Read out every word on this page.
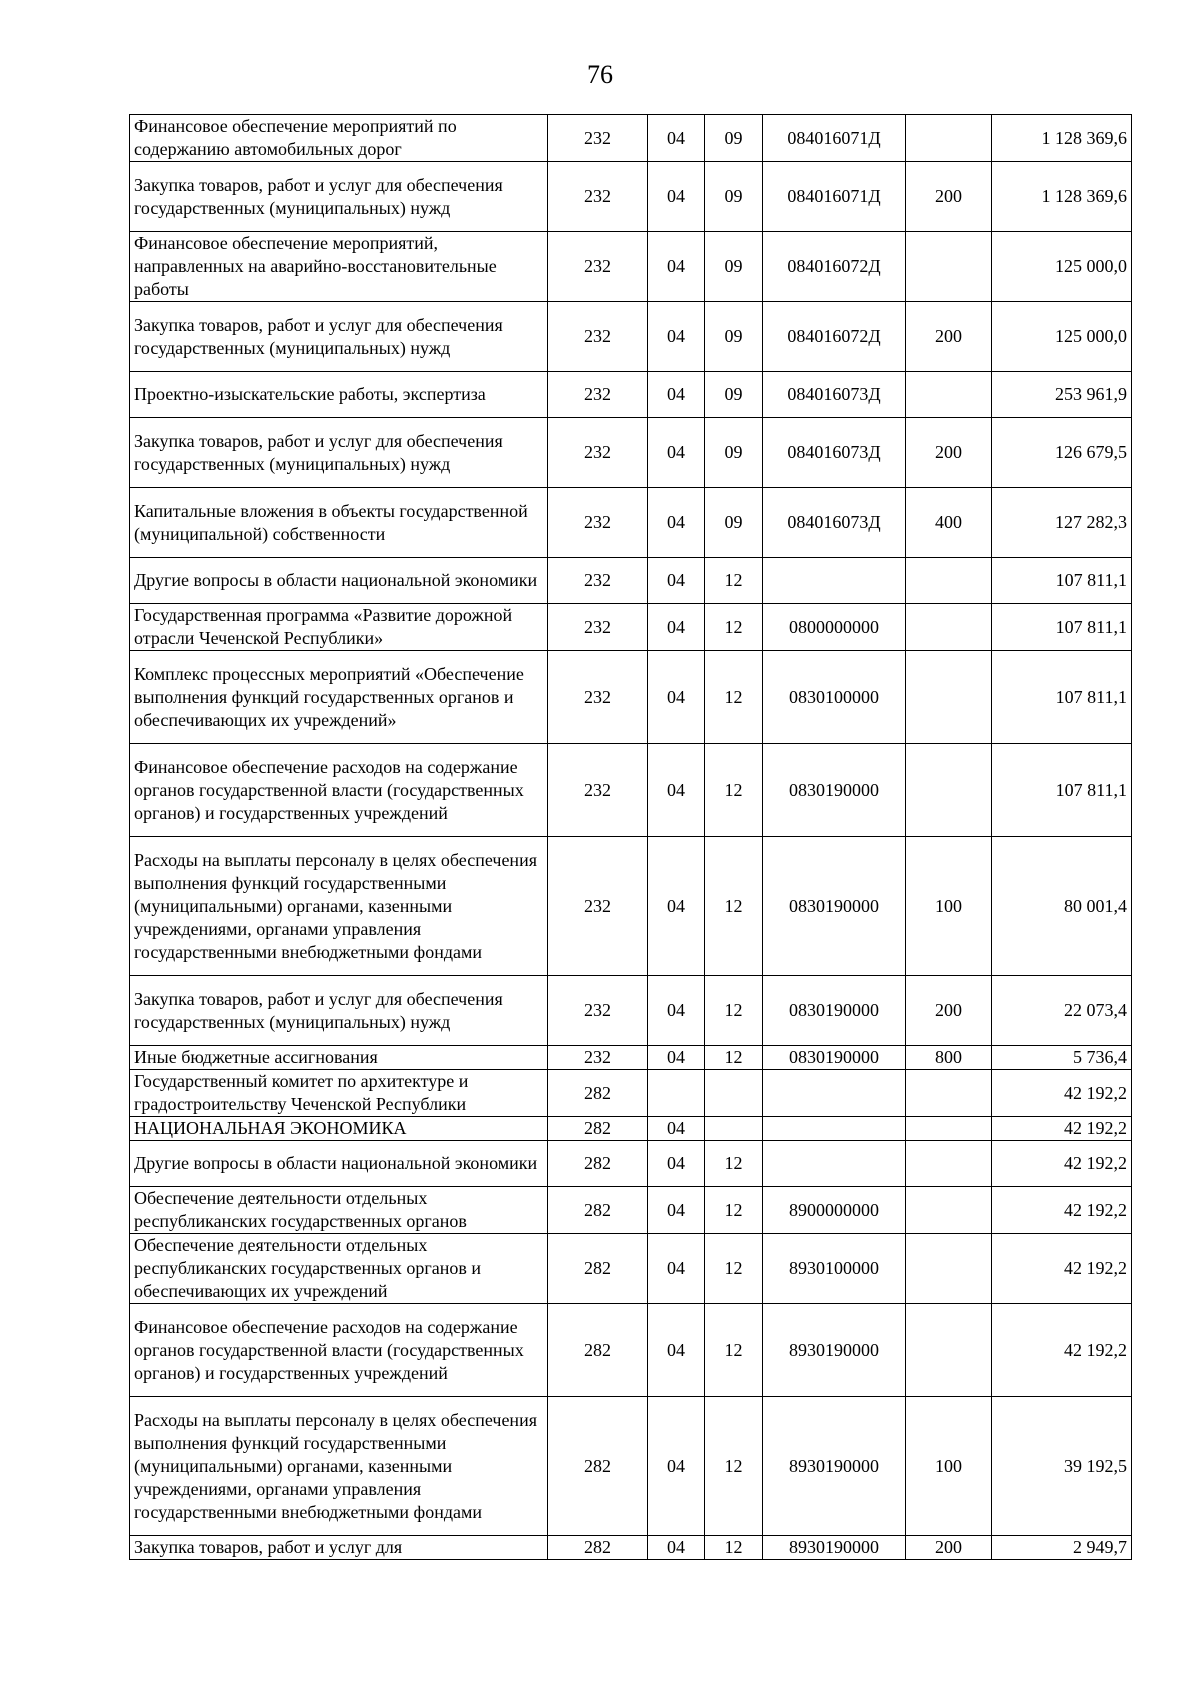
76
Финансовое обеспечение мероприятий по содержанию автомобильных дорог	232	04	09	084016071Д		1 128 369,6
Закупка товаров, работ и услуг для обеспечения государственных (муниципальных) нужд	232	04	09	084016071Д	200	1 128 369,6
Финансовое обеспечение мероприятий, направленных на аварийно-восстановительные работы	232	04	09	084016072Д		125 000,0
Закупка товаров, работ и услуг для обеспечения государственных (муниципальных) нужд	232	04	09	084016072Д	200	125 000,0
Проектно-изыскательские работы, экспертиза	232	04	09	084016073Д		253 961,9
Закупка товаров, работ и услуг для обеспечения государственных (муниципальных) нужд	232	04	09	084016073Д	200	126 679,5
Капитальные вложения в объекты государственной (муниципальной) собственности	232	04	09	084016073Д	400	127 282,3
Другие вопросы в области национальной экономики	232	04	12			107 811,1
Государственная программа «Развитие дорожной отрасли Чеченской Республики»	232	04	12	0800000000		107 811,1
Комплекс процессных мероприятий «Обеспечение выполнения функций государственных органов и обеспечивающих их учреждений»	232	04	12	0830100000		107 811,1
Финансовое обеспечение расходов на содержание органов государственной власти (государственных органов) и государственных учреждений	232	04	12	0830190000		107 811,1
Расходы на выплаты персоналу в целях обеспечения выполнения функций государственными (муниципальными) органами, казенными учреждениями, органами управления государственными внебюджетными фондами	232	04	12	0830190000	100	80 001,4
Закупка товаров, работ и услуг для обеспечения государственных (муниципальных) нужд	232	04	12	0830190000	200	22 073,4
Иные бюджетные ассигнования	232	04	12	0830190000	800	5 736,4
Государственный комитет по архитектуре и градостроительству Чеченской Республики	282					42 192,2
НАЦИОНАЛЬНАЯ ЭКОНОМИКА	282	04				42 192,2
Другие вопросы в области национальной экономики	282	04	12			42 192,2
Обеспечение деятельности отдельных республиканских государственных органов	282	04	12	8900000000		42 192,2
Обеспечение деятельности отдельных республиканских государственных органов и обеспечивающих их учреждений	282	04	12	8930100000		42 192,2
Финансовое обеспечение расходов на содержание органов государственной власти (государственных органов) и государственных учреждений	282	04	12	8930190000		42 192,2
Расходы на выплаты персоналу в целях обеспечения выполнения функций государственными (муниципальными) органами, казенными учреждениями, органами управления государственными внебюджетными фондами	282	04	12	8930190000	100	39 192,5
Закупка товаров, работ и услуг для	282	04	12	8930190000	200	2 949,7
